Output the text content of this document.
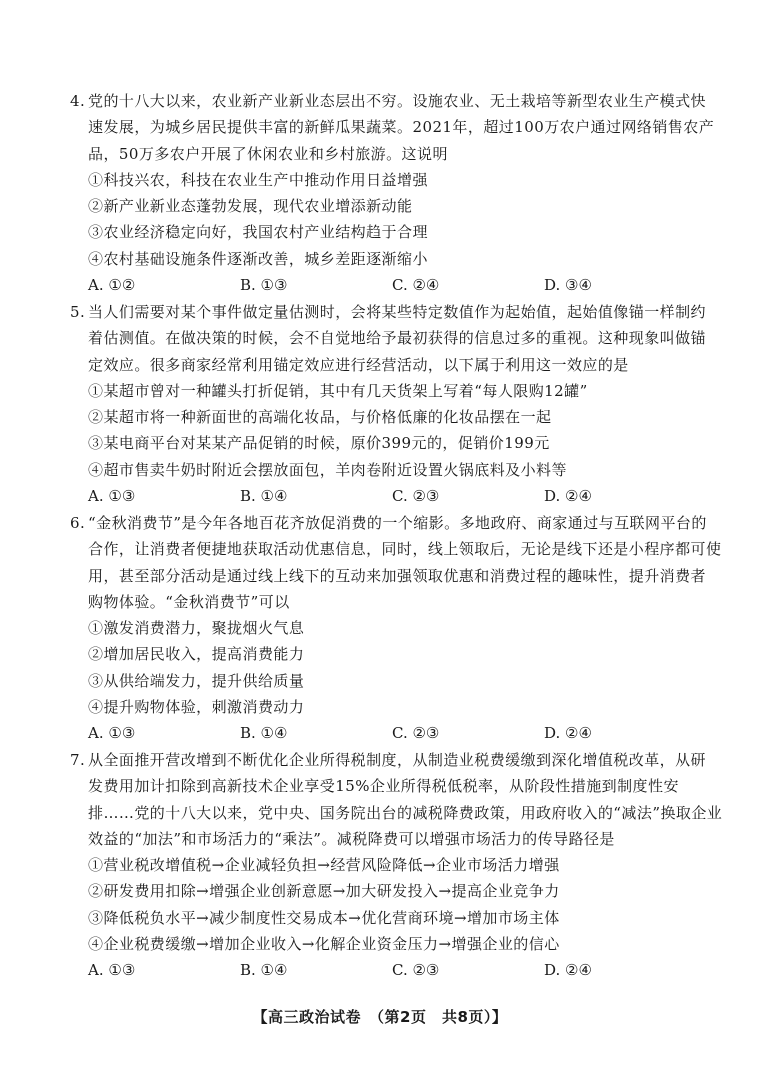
4. 党的十八大以来，农业新产业新业态层出不穷。设施农业、无土栽培等新型农业生产模式快
速发展，为城乡居民提供丰富的新鲜瓜果蔬菜。2021年，超过100万农户通过网络销售农产
品，50万多农户开展了休闲农业和乡村旅游。这说明
①科技兴农，科技在农业生产中推动作用日益增强
②新产业新业态蓬勃发展，现代农业增添新动能
③农业经济稳定向好，我国农村产业结构趋于合理
④农村基础设施条件逐渐改善，城乡差距逐渐缩小
A. ①②	B. ①③	C. ②④	D. ③④
5. 当人们需要对某个事件做定量估测时，会将某些特定数值作为起始值，起始值像锚一样制约
着估测值。在做决策的时候，会不自觉地给予最初获得的信息过多的重视。这种现象叫做锚
定效应。很多商家经常利用锚定效应进行经营活动，以下属于利用这一效应的是
①某超市曾对一种罐头打折促销，其中有几天货架上写着“每人限购12罐”
②某超市将一种新面世的高端化妆品，与价格低廉的化妆品摆在一起
③某电商平台对某某产品促销的时候，原价399元的，促销价199元
④超市售卖牛奶时附近会摆放面包，羊肉卷附近设置火锅底料及小料等
A. ①③	B. ①④	C. ②③	D. ②④
6. “金秋消费节”是今年各地百花齐放促消费的一个缩影。多地政府、商家通过与互联网平台的
合作，让消费者便捷地获取活动优惠信息，同时，线上领取后，无论是线下还是小程序都可使
用，甚至部分活动是通过线上线下的互动来加强领取优惠和消费过程的趣味性，提升消费者
购物体验。“金秋消费节”可以
①激发消费潜力，聚拢烟火气息
②增加居民收入，提高消费能力
③从供给端发力，提升供给质量
④提升购物体验，刺激消费动力
A. ①③	B. ①④	C. ②③	D. ②④
7. 从全面推开营改增到不断优化企业所得税制度，从制造业税费缓缴到深化增值税改革，从研
发费用加计扣除到高新技术企业享受15%企业所得税低税率，从阶段性措施到制度性安
排……党的十八大以来，党中央、国务院出台的减税降费政策，用政府收入的“减法”换取企业
效益的“加法”和市场活力的“乘法”。减税降费可以增强市场活力的传导路径是
①营业税改增值税→企业减轻负担→经营风险降低→企业市场活力增强
②研发费用扣除→增强企业创新意愿→加大研发投入→提高企业竞争力
③降低税负水平→减少制度性交易成本→优化营商环境→增加市场主体
④企业税费缓缴→增加企业收入→化解企业资金压力→增强企业的信心
A. ①③	B. ①④	C. ②③	D. ②④
【高三政治试卷　（第2页　共8页）】
